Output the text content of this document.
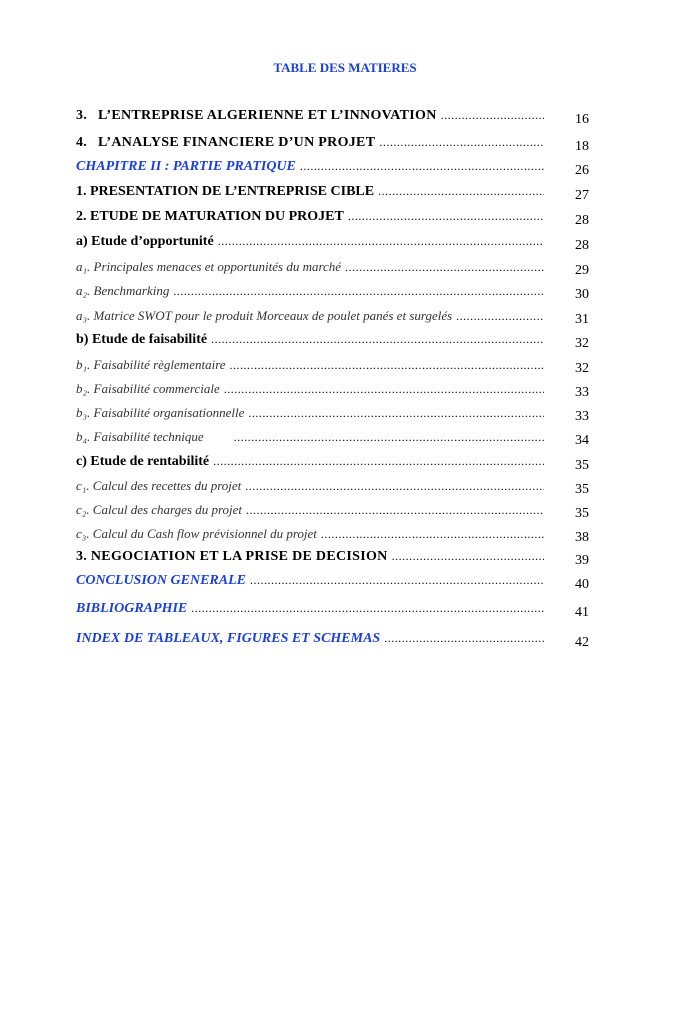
TABLE DES MATIERES
3. L’ENTREPRISE ALGERIENNE ET L’INNOVATION .....	16
4. L’ANALYSE FINANCIERE D’UN PROJET .....	18
CHAPITRE II : PARTIE PRATIQUE .....	26
1. PRESENTATION DE L’ENTREPRISE CIBLE .....	27
2. ETUDE DE MATURATION DU PROJET .....	28
a) Etude d’opportunité .....	28
a₁. Principales menaces et opportunités du marché .....	29
a₂. Benchmarking .....	30
a₃. Matrice SWOT pour le produit Morceaux de poulet panés et surgelés .....	31
b) Etude de faisabilité .....	32
b₁. Faisabilité règlementaire .....	32
b₂. Faisabilité commerciale .....	33
b₃. Faisabilité organisationnelle .....	33
b₄. Faisabilité technique .....	34
c) Etude de rentabilité .....	35
c₁. Calcul des recettes du projet .....	35
c₂. Calcul des charges du projet .....	35
c₃. Calcul du Cash flow prévisionnel du projet .....	38
3. NEGOCIATION ET LA PRISE DE DECISION .....	39
CONCLUSION GENERALE .....	40
BIBLIOGRAPHIE .....	41
INDEX DE TABLEAUX, FIGURES ET SCHEMAS .....	42
